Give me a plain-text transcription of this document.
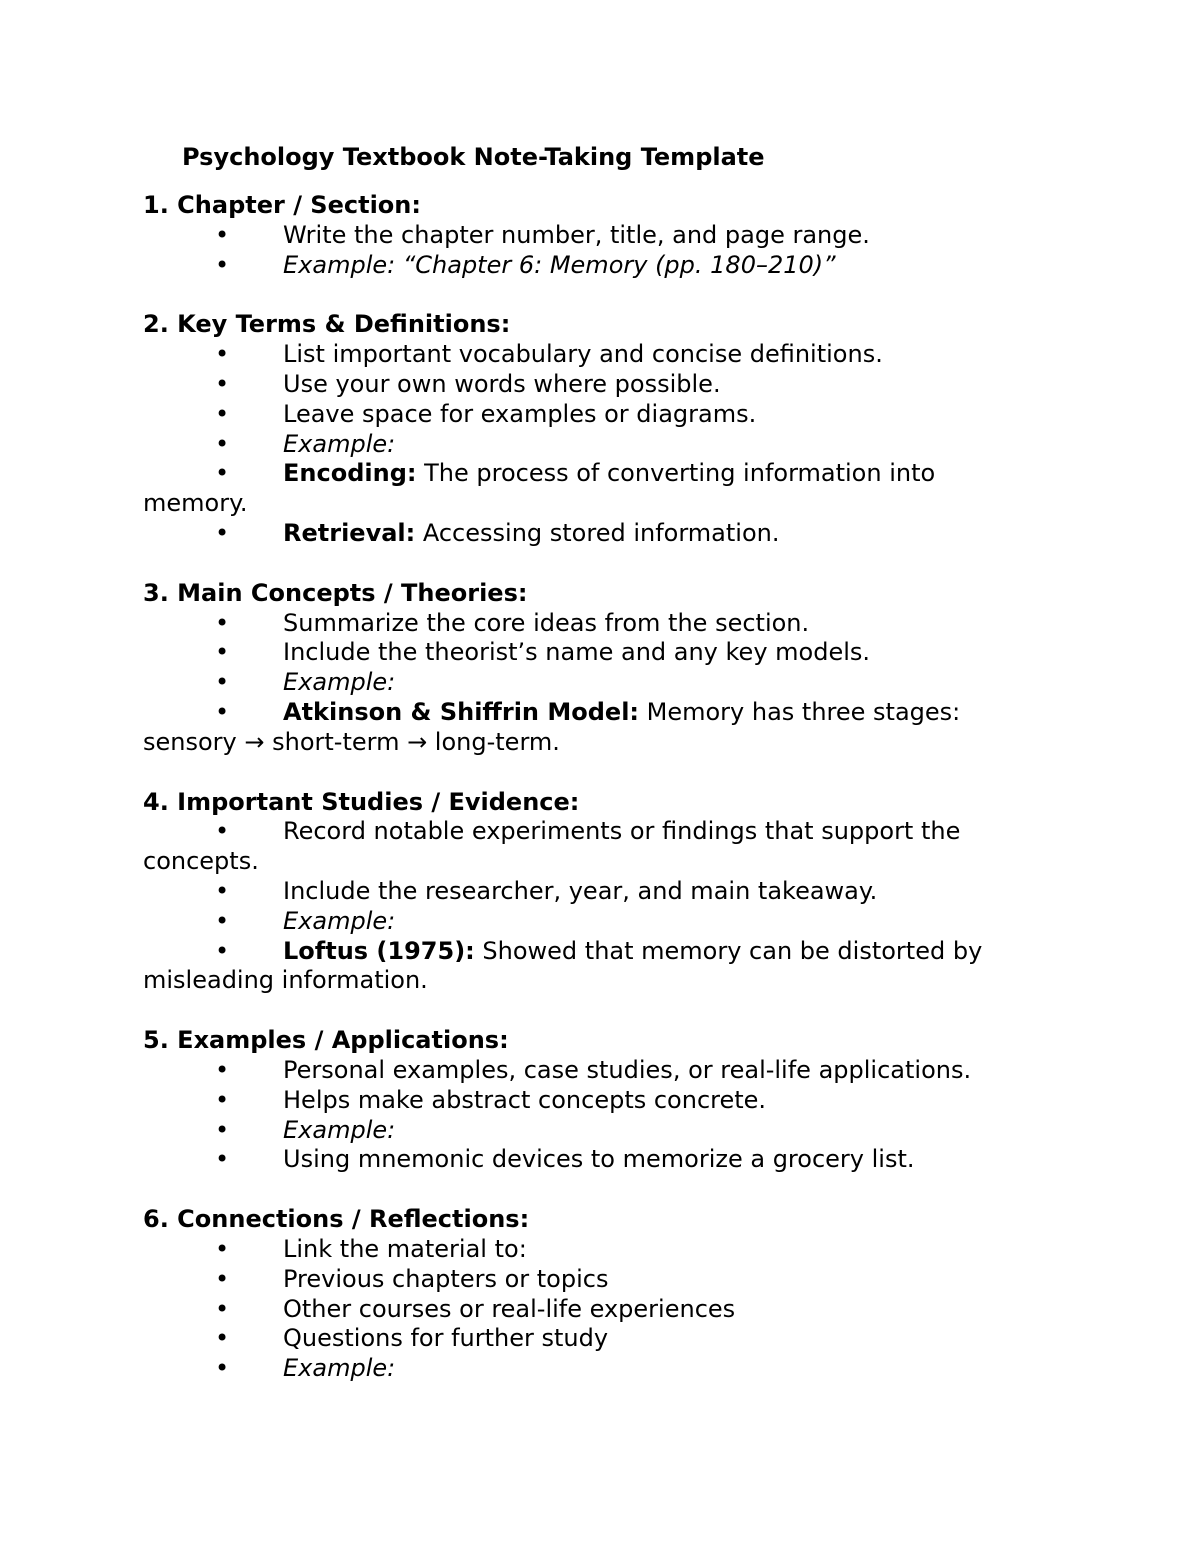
Psychology Textbook Note-Taking Template
1. Chapter / Section:
• Write the chapter number, title, and page range.
• Example: “Chapter 6: Memory (pp. 180–210)”
2. Key Terms & Definitions:
• List important vocabulary and concise definitions.
• Use your own words where possible.
• Leave space for examples or diagrams.
• Example:
• Encoding: The process of converting information into memory.
• Retrieval: Accessing stored information.
3. Main Concepts / Theories:
• Summarize the core ideas from the section.
• Include the theorist’s name and any key models.
• Example:
• Atkinson & Shiffrin Model: Memory has three stages: sensory → short-term → long-term.
4. Important Studies / Evidence:
• Record notable experiments or findings that support the concepts.
• Include the researcher, year, and main takeaway.
• Example:
• Loftus (1975): Showed that memory can be distorted by misleading information.
5. Examples / Applications:
• Personal examples, case studies, or real-life applications.
• Helps make abstract concepts concrete.
• Example:
• Using mnemonic devices to memorize a grocery list.
6. Connections / Reflections:
• Link the material to:
• Previous chapters or topics
• Other courses or real-life experiences
• Questions for further study
• Example:
